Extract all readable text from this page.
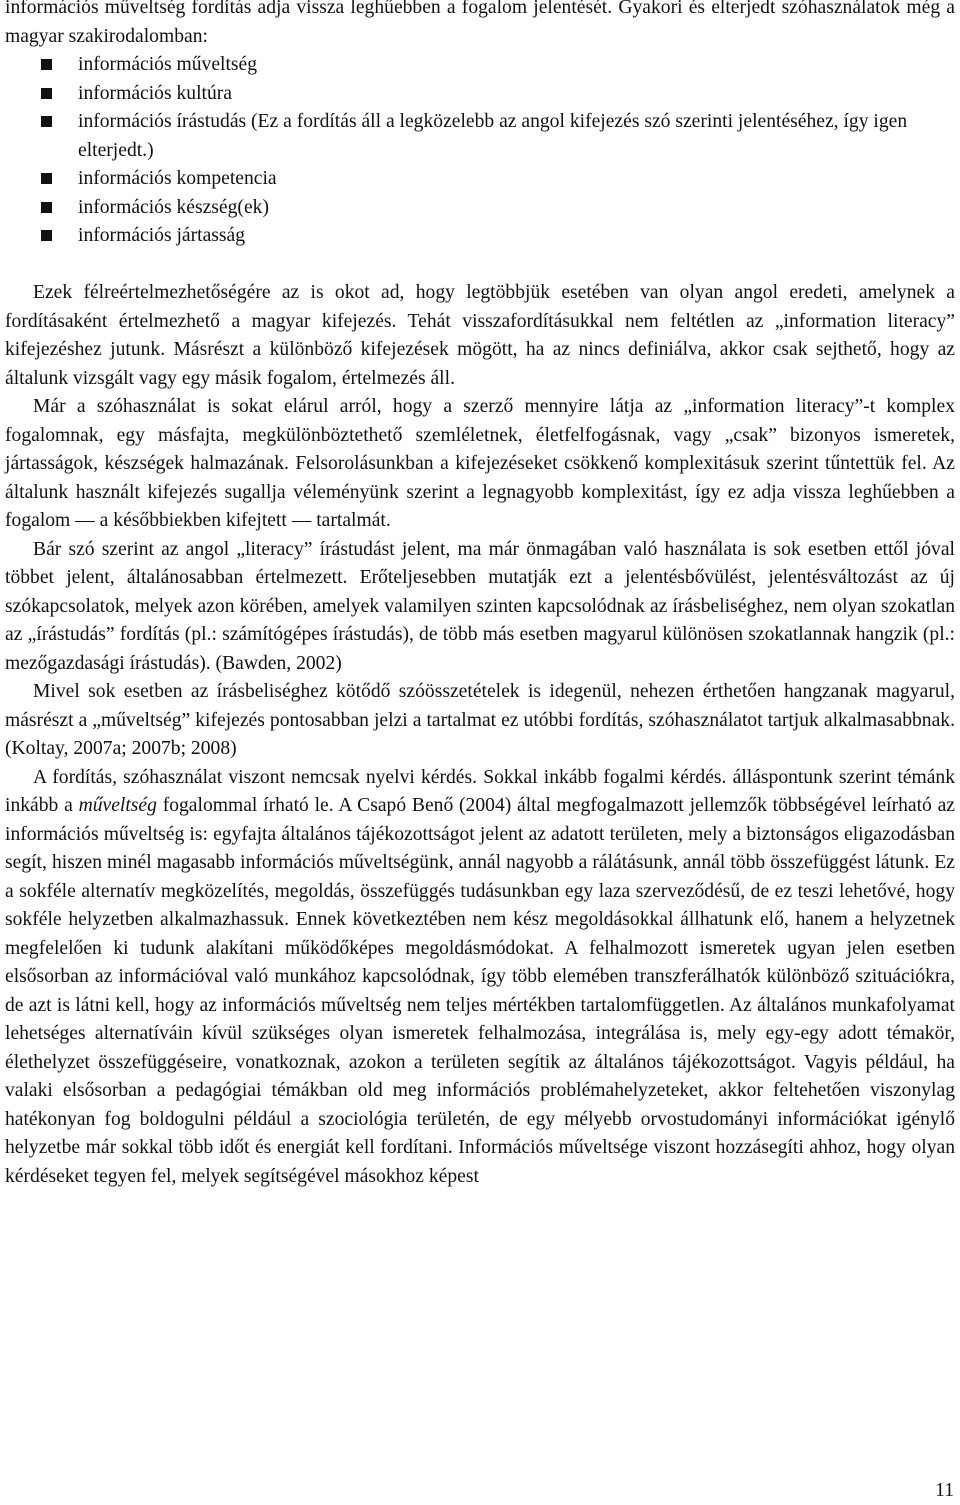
információs műveltség fordítás adja vissza leghűebben a fogalom jelentését. Gyakori és elterjedt szóhasználatok még a magyar szakirodalomban:

információs műveltség
információs kultúra
információs írástudás (Ez a fordítás áll a legközelebb az angol kifejezés szó szerinti jelentéséhez, így igen elterjedt.)
információs kompetencia
információs készség(ek)
információs jártasság

Ezek félreértelmezhetőségére az is okot ad, hogy legtöbbjük esetében van olyan angol eredeti, amelynek a fordításaként értelmezhető a magyar kifejezés. Tehát visszafordításukkal nem feltétlen az „information literacy” kifejezéshez jutunk. Másrészt a különböző kifejezések mögött, ha az nincs definiálva, akkor csak sejthető, hogy az általunk vizsgált vagy egy másik fogalom, értelmezés áll.

Már a szóhasználat is sokat elárul arról, hogy a szerző mennyire látja az „information literacy”-t komplex fogalomnak, egy másfajta, megkülönböztethető szemléletnek, életfelfogásnak, vagy „csak” bizonyos ismeretek, jártasságok, készségek halmazának. Felsorolásunkban a kifejezéseket csökkenő komplexitásuk szerint tűntettük fel. Az általunk használt kifejezés sugallja véleményünk szerint a legnagyobb komplexitást, így ez adja vissza leghűebben a fogalom — a későbbiekben kifejtett — tartalmát.

Bár szó szerint az angol „literacy” írástudást jelent, ma már önmagában való használata is sok esetben ettől jóval többet jelent, általánosabban értelmezett. Erőteljesebben mutatják ezt a jelentésbővülést, jelentésváltozást az új szókapcsolatok, melyek azon körében, amelyek valamilyen szinten kapcsolódnak az írásbeliséghez, nem olyan szokatlan az „írástudás” fordítás (pl.: számítógépes írástudás), de több más esetben magyarul különösen szokatlannak hangzik (pl.: mezőgazdasági írástudás). (Bawden, 2002)

Mivel sok esetben az írásbeliséghez kötődő szóösszetételek is idegenül, nehezen érthetően hangzanak magyarul, másrészt a „műveltség” kifejezés pontosabban jelzi a tartalmat ez utóbbi fordítás, szóhasználatot tartjuk alkalmasabbnak. (Koltay, 2007a; 2007b; 2008)

A fordítás, szóhasználat viszont nemcsak nyelvi kérdés. Sokkal inkább fogalmi kérdés. álláspontunk szerint témánk inkább a műveltség fogalommal írható le. A Csapó Benő (2004) által megfogalmazott jellemzők többségével leírható az információs műveltség is: egyfajta általános tájékozottságot jelent az adatott területen, mely a biztonságos eligazodásban segít, hiszen minél magasabb információs műveltségünk, annál nagyobb a rálátásunk, annál több összefüggést látunk. Ez a sokféle alternatív megközelítés, megoldás, összefüggés tudásunkban egy laza szerveződésű, de ez teszi lehetővé, hogy sokféle helyzetben alkalmazhassuk. Ennek következtében nem kész megoldásokkal állhatunk elő, hanem a helyzetnek megfelelően ki tudunk alakítani működőképes megoldásmódokat. A felhalmozott ismeretek ugyan jelen esetben elsősorban az információval való munkához kapcsolódnak, így több elemében transzferálhatók különböző szituációkra, de azt is látni kell, hogy az információs műveltség nem teljes mértékben tartalomfüggetlen. Az általános munkafolyamat lehetséges alternatíváin kívül szükséges olyan ismeretek felhalmozása, integrálása is, mely egy-egy adott témakör, élethelyzet összefüggéseire, vonatkoznak, azokon a területen segítik az általános tájékozottságot. Vagyis például, ha valaki elsősorban a pedagógiai témákban old meg információs problémahelyzeteket, akkor feltehetően viszonylag hatékonyan fog boldogulni például a szociológia területén, de egy mélyebb orvostudományi információkat igénylő helyzetbe már sokkal több időt és energiát kell fordítani. Információs műveltsége viszont hozzásegíti ahhoz, hogy olyan kérdéseket tegyen fel, melyek segítségével másokhoz képest

11
